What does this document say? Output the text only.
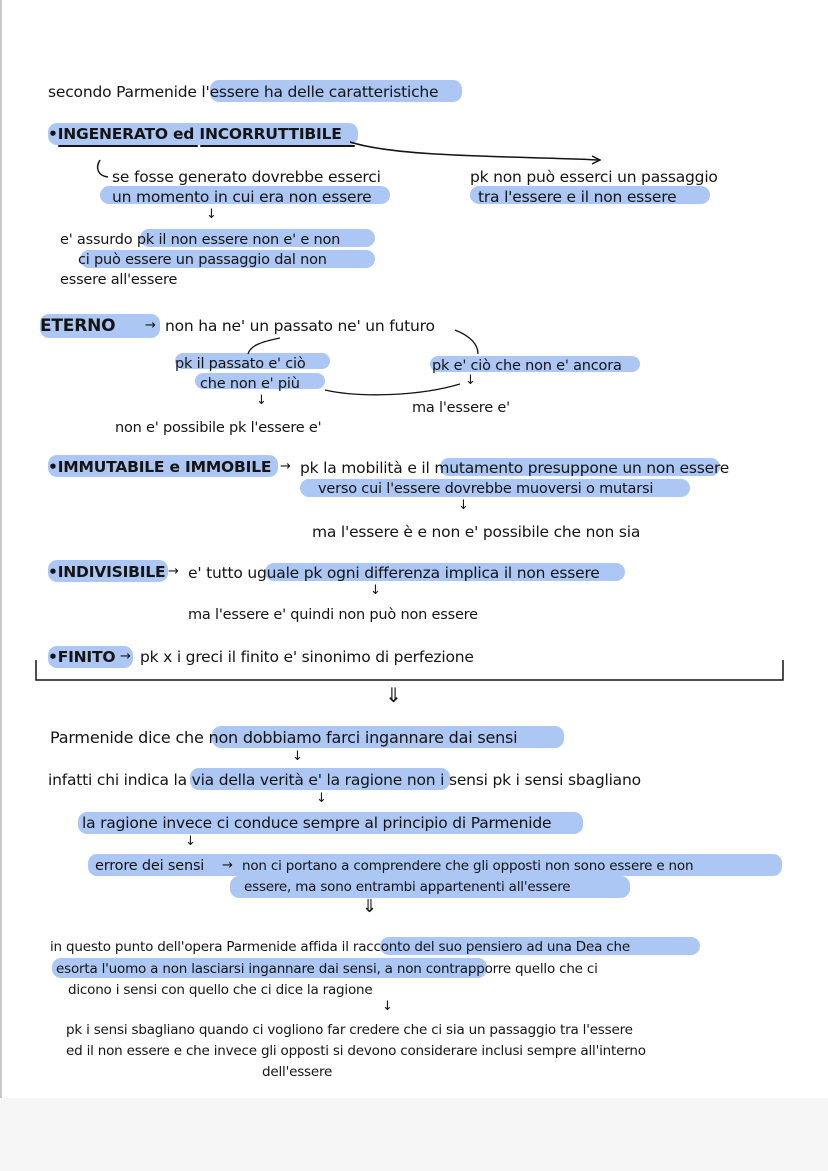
secondo Parmenide l'essere ha delle caratteristiche
•INGENERATO ed INCORRUTTIBILE
se fosse generato dovrebbe esserci
un momento in cui era non essere
pk non può esserci un passaggio
tra l'essere e il non essere
↓
e' assurdo pk il non essere non e' e non
ci può essere un passaggio dal non
essere all'essere
ETERNO → non ha ne' un passato ne' un futuro
pk il passato e' ciò
che non e' più
pk e' ciò che non e' ancora
↓
ma l'essere e'
↓
non e' possibile pk l'essere e'
•IMMUTABILE e IMMOBILE → pk la mobilità e il mutamento presuppone un non essere
verso cui l'essere dovrebbe muoversi o mutarsi
↓
ma l'essere è e non e' possibile che non sia
•INDIVISIBILE → e' tutto uguale pk ogni differenza implica il non essere
↓
ma l'essere e' quindi non può non essere
•FINITO → pk x i greci il finito e' sinonimo di perfezione
⇓
Parmenide dice che non dobbiamo farci ingannare dai sensi
↓
infatti chi indica la via della verità e' la ragione non i sensi pk i sensi sbagliano
↓
la ragione invece ci conduce sempre al principio di Parmenide
↓
errore dei sensi → non ci portano a comprendere che gli opposti non sono essere e non
essere, ma sono entrambi appartenenti all'essere
⇓
in questo punto dell'opera Parmenide affida il racconto del suo pensiero ad una Dea che
esorta l'uomo a non lasciarsi ingannare dai sensi, a non contrapporre quello che ci
dicono i sensi con quello che ci dice la ragione
↓
pk i sensi sbagliano quando ci vogliono far credere che ci sia un passaggio tra l'essere
ed il non essere e che invece gli opposti si devono considerare inclusi sempre all'interno
dell'essere
